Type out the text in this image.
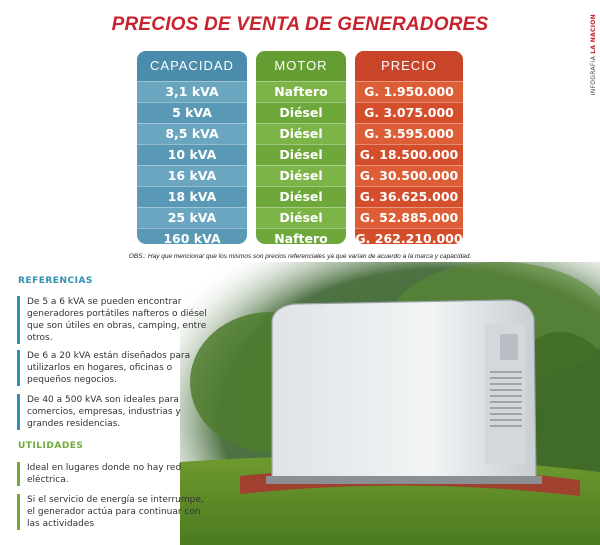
PRECIOS DE VENTA DE GENERADORES
INFOGRAFÍA LA NACIÓN
CAPACIDAD
3,1 kVA
5 kVA
8,5 kVA
10 kVA
16 kVA
18 kVA
25 kVA
160 kVA
MOTOR
Naftero
Diésel
Diésel
Diésel
Diésel
Diésel
Diésel
Naftero
PRECIO
G. 1.950.000
G. 3.075.000
G. 3.595.000
G. 18.500.000
G. 30.500.000
G. 36.625.000
G. 52.885.000
G. 262.210.000
OBS.: Hay que mencionar que los mismos son precios referenciales ya que varían de acuerdo a la marca y capacidad.
REFERENCIAS
De 5 a 6 kVA se pueden encontrar generadores portátiles nafteros o diésel que son útiles en obras, camping, entre otros.
De 6 a 20 kVA están diseñados para utilizarlos en hogares, oficinas o pequeños negocios.
De 40 a 500 kVA son ideales para comercios, empresas, industrias y grandes residencias.
UTILIDADES
Ideal en lugares donde no hay red eléctrica.
Si el servicio de energía se interrumpe, el generador actúa para continuar con las actividades
